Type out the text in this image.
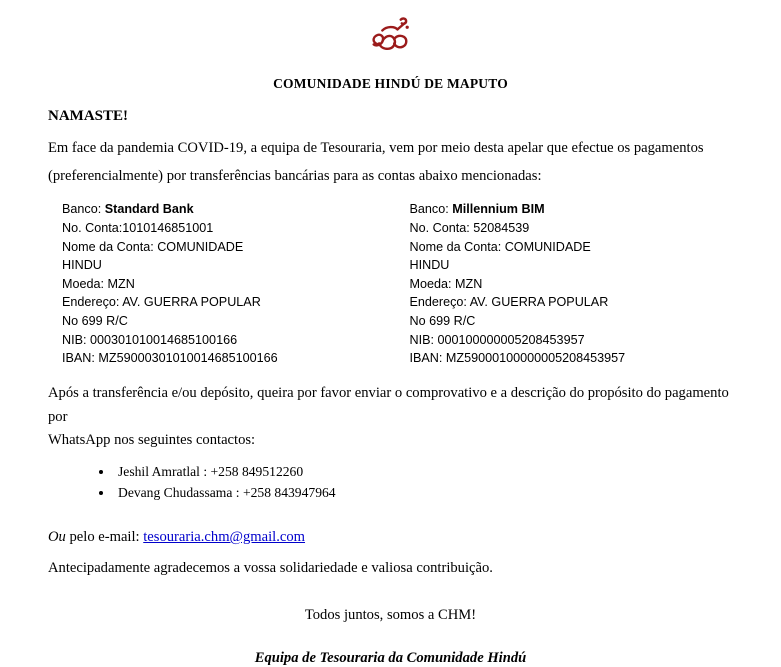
COMUNIDADE HINDÚ DE MAPUTO
NAMASTE!

Em face da pandemia COVID-19, a equipa de Tesouraria, vem por meio desta apelar que efectue os pagamentos

(preferencialmente) por transferências bancárias para as contas abaixo mencionadas:

Banco: Standard Bank
No. Conta:1010146851001
Nome da Conta: COMUNIDADE
HINDU
Moeda: MZN
Endereço: AV. GUERRA POPULAR
No 699 R/C
NIB: 000301010014685100166
IBAN: MZ59000301010014685100166
Banco: Millennium BIM
No. Conta: 52084539
Nome da Conta: COMUNIDADE
HINDU
Moeda: MZN
Endereço: AV. GUERRA POPULAR
No 699 R/C
NIB: 000100000005208453957
IBAN: MZ59000100000005208453957

Após a transferência e/ou depósito, queira por favor enviar o comprovativo e a descrição do propósito do pagamento por

WhatsApp nos seguintes contactos:

• Jeshil Amratlal : +258 849512260
• Devang Chudassama : +258 843947964

Ou pelo e-mail: tesouraria.chm@gmail.com

Antecipadamente agradecemos a vossa solidariedade e valiosa contribuição.

Todos juntos, somos a CHM!

Equipa de Tesouraria da Comunidade Hindú
